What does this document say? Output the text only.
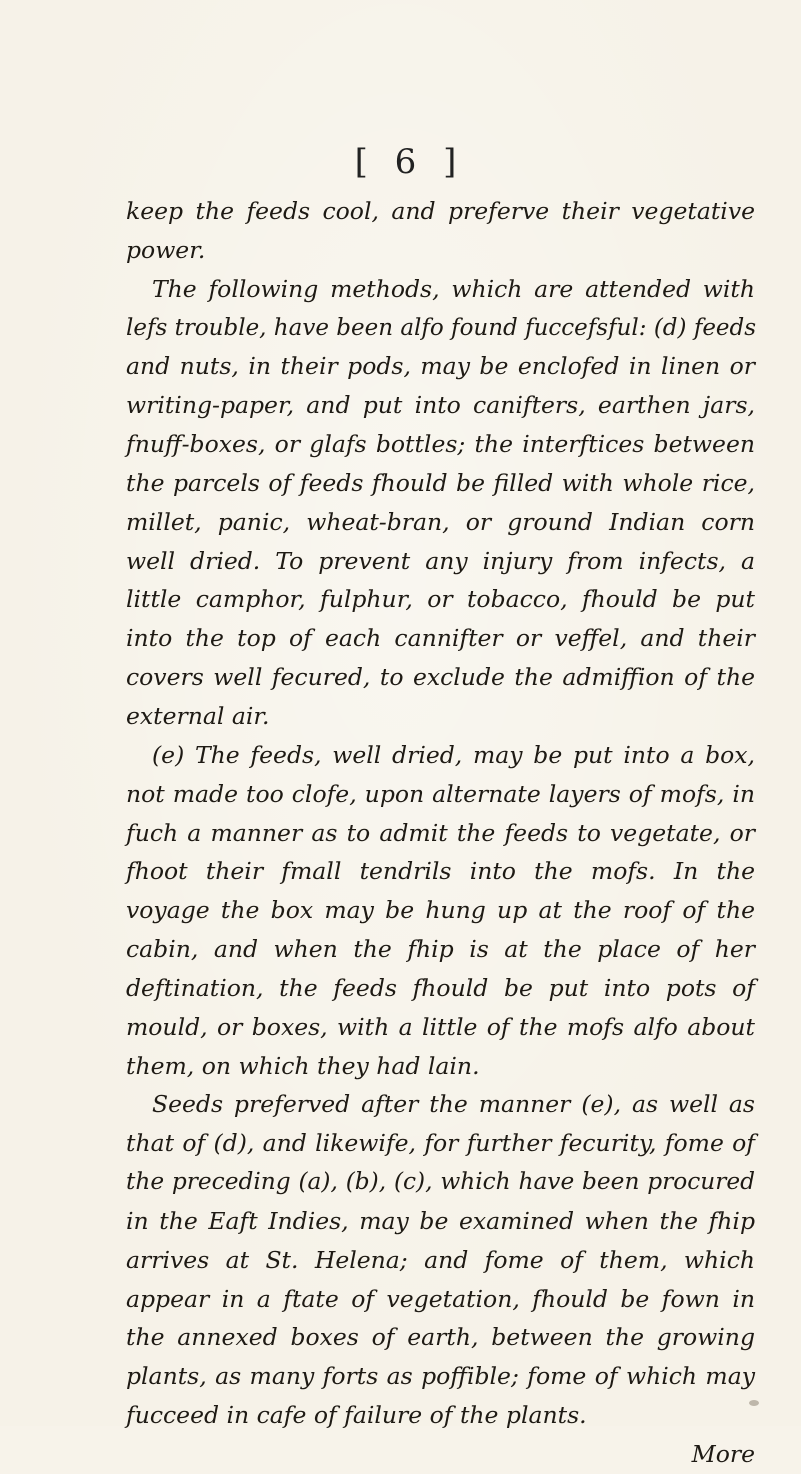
[ 6 ]
keep the feeds cool, and preferve their vegetative
power.
The following methods, which are attended with
lefs trouble, have been alfo found fuccefsful: (d) feeds
and nuts, in their pods, may be enclofed in linen or
writing-paper, and put into canifters, earthen jars,
fnuff-boxes, or glafs bottles; the interftices between
the parcels of feeds fhould be filled with whole rice,
millet, panic, wheat-bran, or ground Indian corn
well dried. To prevent any injury from infects, a
little camphor, fulphur, or tobacco, fhould be put
into the top of each cannifter or veffel, and their
covers well fecured, to exclude the admiffion of the
external air.
(e) The feeds, well dried, may be put into a box,
not made too clofe, upon alternate layers of mofs, in
fuch a manner as to admit the feeds to vegetate, or
fhoot their fmall tendrils into the mofs. In the
voyage the box may be hung up at the roof of the
cabin, and when the fhip is at the place of her
deftination, the feeds fhould be put into pots of
mould, or boxes, with a little of the mofs alfo about
them, on which they had lain.
Seeds preferved after the manner (e), as well as
that of (d), and likewife, for further fecurity, fome of
the preceding (a), (b), (c), which have been procured
in the Eaft Indies, may be examined when the fhip
arrives at St. Helena; and fome of them, which
appear in a ftate of vegetation, fhould be fown in
the annexed boxes of earth, between the growing
plants, as many forts as poffible; fome of which may
fucceed in cafe of failure of the plants.
More
